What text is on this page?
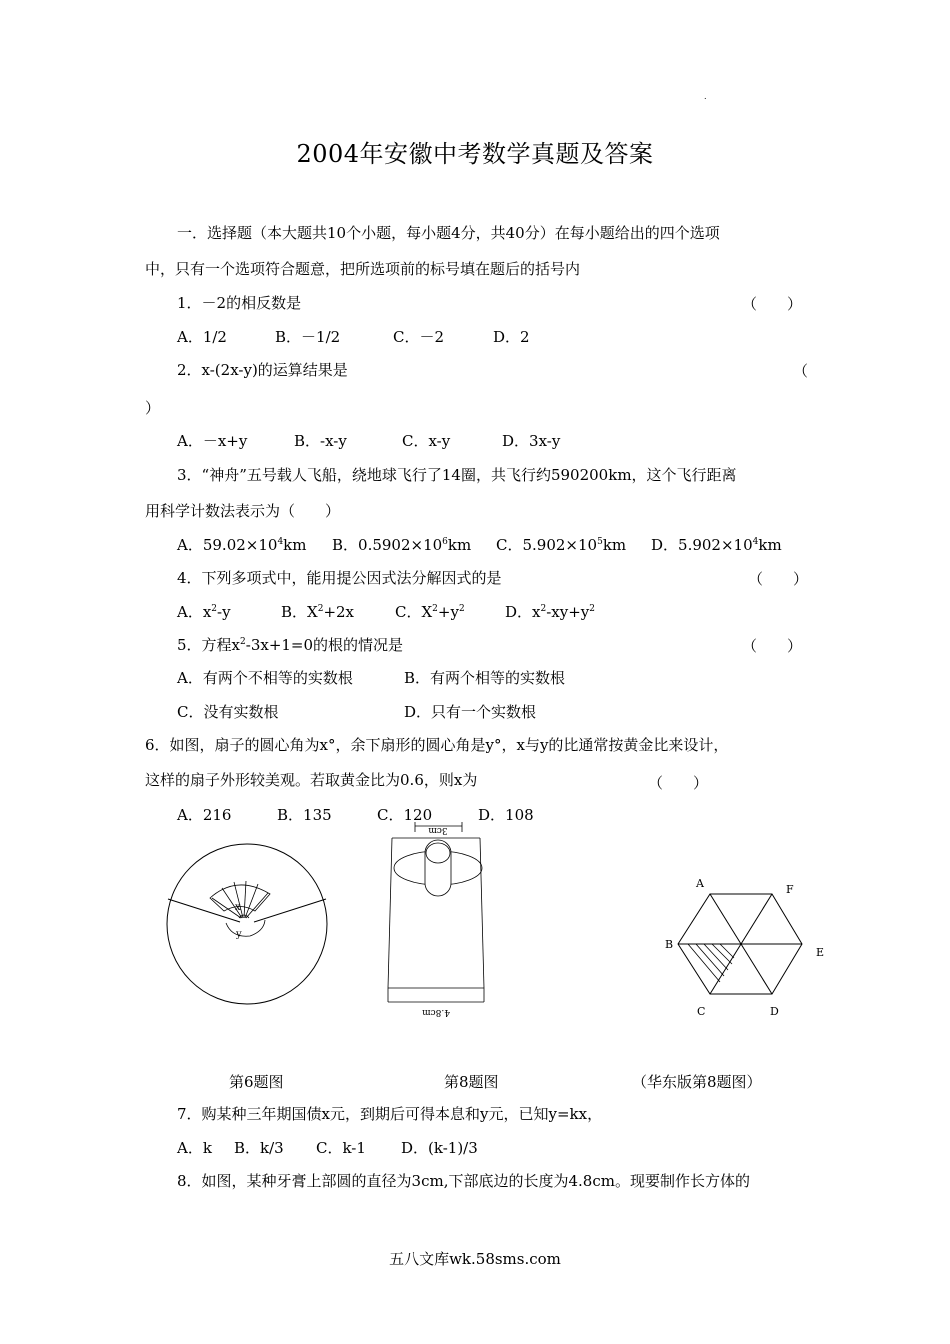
.
2004年安徽中考数学真题及答案
一．选择题（本大题共10个小题，每小题4分，共40分）在每小题给出的四个选项
中，只有一个选项符合题意，把所选项前的标号填在题后的括号内
1．－2的相反数是	（　　）
A．1/2	B．－1/2	C．－2	D．2
2．x-(2x-y)的运算结果是	（
）
A．－x+y	B．-x-y	C．x-y	D．3x-y
3．“神舟”五号载人飞船，绕地球飞行了14圈，共飞行约590200km，这个飞行距离
用科学计数法表示为（　　）
A．$59.02\times 10^4km$ B．$0.5902\times 10^6km$ C．$5.902\times 10^5km$ D．$5.902\times 10^4km$
4．下列多项式中，能用提公因式法分解因式的是	（　　）
A．$x^2-y$	B．$X^2+2x$	C．$X^2+y^2$	D．$x^2-xy+y^2$
5．方程$x^2-3x+1=0$的根的情况是	（　　）
A．有两个不相等的实数根	B．有两个相等的实数根
C．没有实数根	D．只有一个实数根
6．如图，扇子的圆心角为x°，余下扇形的圆心角是y°，x与y的比通常按黄金比来设计，
这样的扇子外形较美观。若取黄金比为0.6，则x为	（　　）
A．216	B．135	C．120	D．108
x
y
3cm
4.8cm
A	F
B
E
C	D
第6题图	第8题图	（华东版第8题图）
7．购某种三年期国债x元，到期后可得本息和y元，已知y=kx，
A．k B．k/3 C．k-1 D．(k-1)/3
8．如图，某种牙膏上部圆的直径为3cm,下部底边的长度为4.8cm。现要制作长方体的
五八文库wk.58sms.com
